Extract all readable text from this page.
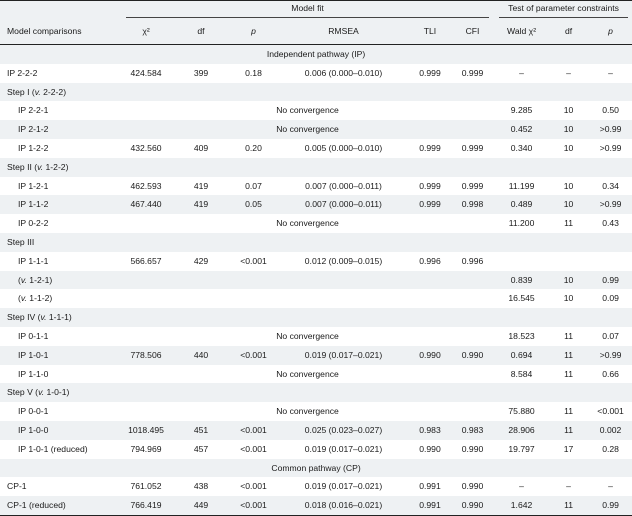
	Model fit						Test of parameter constraints		

Model comparisons	χ²	df	p	RMSEA	TLI	CFI	Wald χ²	df	p
Independent pathway (IP)									
IP 2-2-2	424.584	399	0.18	0.006 (0.000–0.010)	0.999	0.999	–	–	–
Step I (v. 2-2-2)									
IP 2-2-1	No convergence						9.285	10	0.50
IP 2-1-2	No convergence						0.452	10	>0.99
IP 1-2-2	432.560	409	0.20	0.005 (0.000–0.010)	0.999	0.999	0.340	10	>0.99
Step II (v. 1-2-2)									
IP 1-2-1	462.593	419	0.07	0.007 (0.000–0.011)	0.999	0.999	11.199	10	0.34
IP 1-1-2	467.440	419	0.05	0.007 (0.000–0.011)	0.999	0.998	0.489	10	>0.99
IP 0-2-2	No convergence						11.200	11	0.43
Step III									
IP 1-1-1	566.657	429	<0.001	0.012 (0.009–0.015)	0.996	0.996			
(v. 1-2-1)							0.839	10	0.99
(v. 1-1-2)							16.545	10	0.09
Step IV (v. 1-1-1)									
IP 0-1-1	No convergence						18.523	11	0.07
IP 1-0-1	778.506	440	<0.001	0.019 (0.017–0.021)	0.990	0.990	0.694	11	>0.99
IP 1-1-0	No convergence						8.584	11	0.66
Step V (v. 1-0-1)									
IP 0-0-1	No convergence						75.880	11	<0.001
IP 1-0-0	1018.495	451	<0.001	0.025 (0.023–0.027)	0.983	0.983	28.906	11	0.002
IP 1-0-1 (reduced)	794.969	457	<0.001	0.019 (0.017–0.021)	0.990	0.990	19.797	17	0.28
Common pathway (CP)									
CP-1	761.052	438	<0.001	0.019 (0.017–0.021)	0.991	0.990	–	–	–
CP-1 (reduced)	766.419	449	<0.001	0.018 (0.016–0.021)	0.991	0.990	1.642	11	0.99
